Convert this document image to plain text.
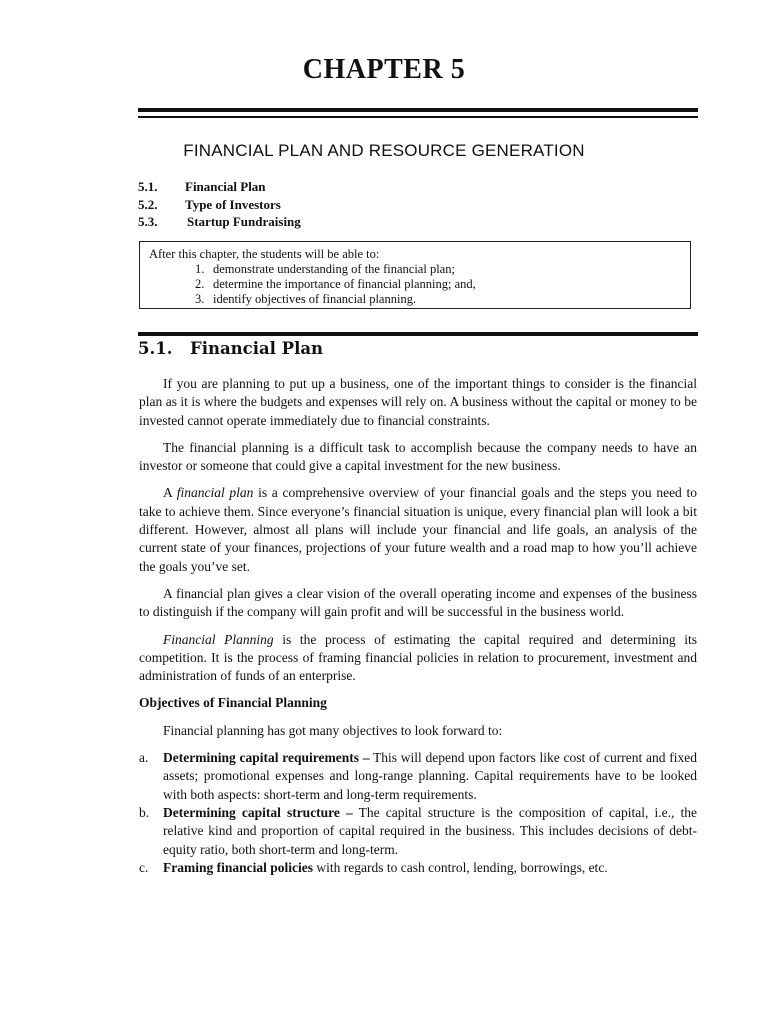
CHAPTER 5
FINANCIAL PLAN AND RESOURCE GENERATION
5.1.	Financial Plan
5.2.	Type of Investors
5.3.	Startup Fundraising
After this chapter, the students will be able to:
1. demonstrate understanding of the financial plan;
2. determine the importance of financial planning; and,
3. identify objectives of financial planning.
5.1. Financial Plan

If you are planning to put up a business, one of the important things to consider is the financial plan as it is where the budgets and expenses will rely on. A business without the capital or money to be invested cannot operate immediately due to financial constraints.

The financial planning is a difficult task to accomplish because the company needs to have an investor or someone that could give a capital investment for the new business.

A financial plan is a comprehensive overview of your financial goals and the steps you need to take to achieve them. Since everyone’s financial situation is unique, every financial plan will look a bit different. However, almost all plans will include your financial and life goals, an analysis of the current state of your finances, projections of your future wealth and a road map to how you’ll achieve the goals you’ve set.

A financial plan gives a clear vision of the overall operating income and expenses of the business to distinguish if the company will gain profit and will be successful in the business world.

Financial Planning is the process of estimating the capital required and determining its competition. It is the process of framing financial policies in relation to procurement, investment and administration of funds of an enterprise.

Objectives of Financial Planning

Financial planning has got many objectives to look forward to:

a.	Determining capital requirements – This will depend upon factors like cost of current and fixed assets; promotional expenses and long-range planning. Capital requirements have to be looked with both aspects: short-term and long-term requirements.
b.	Determining capital structure – The capital structure is the composition of capital, i.e., the relative kind and proportion of capital required in the business. This includes decisions of debt-equity ratio, both short-term and long-term.
c.	Framing financial policies with regards to cash control, lending, borrowings, etc.
